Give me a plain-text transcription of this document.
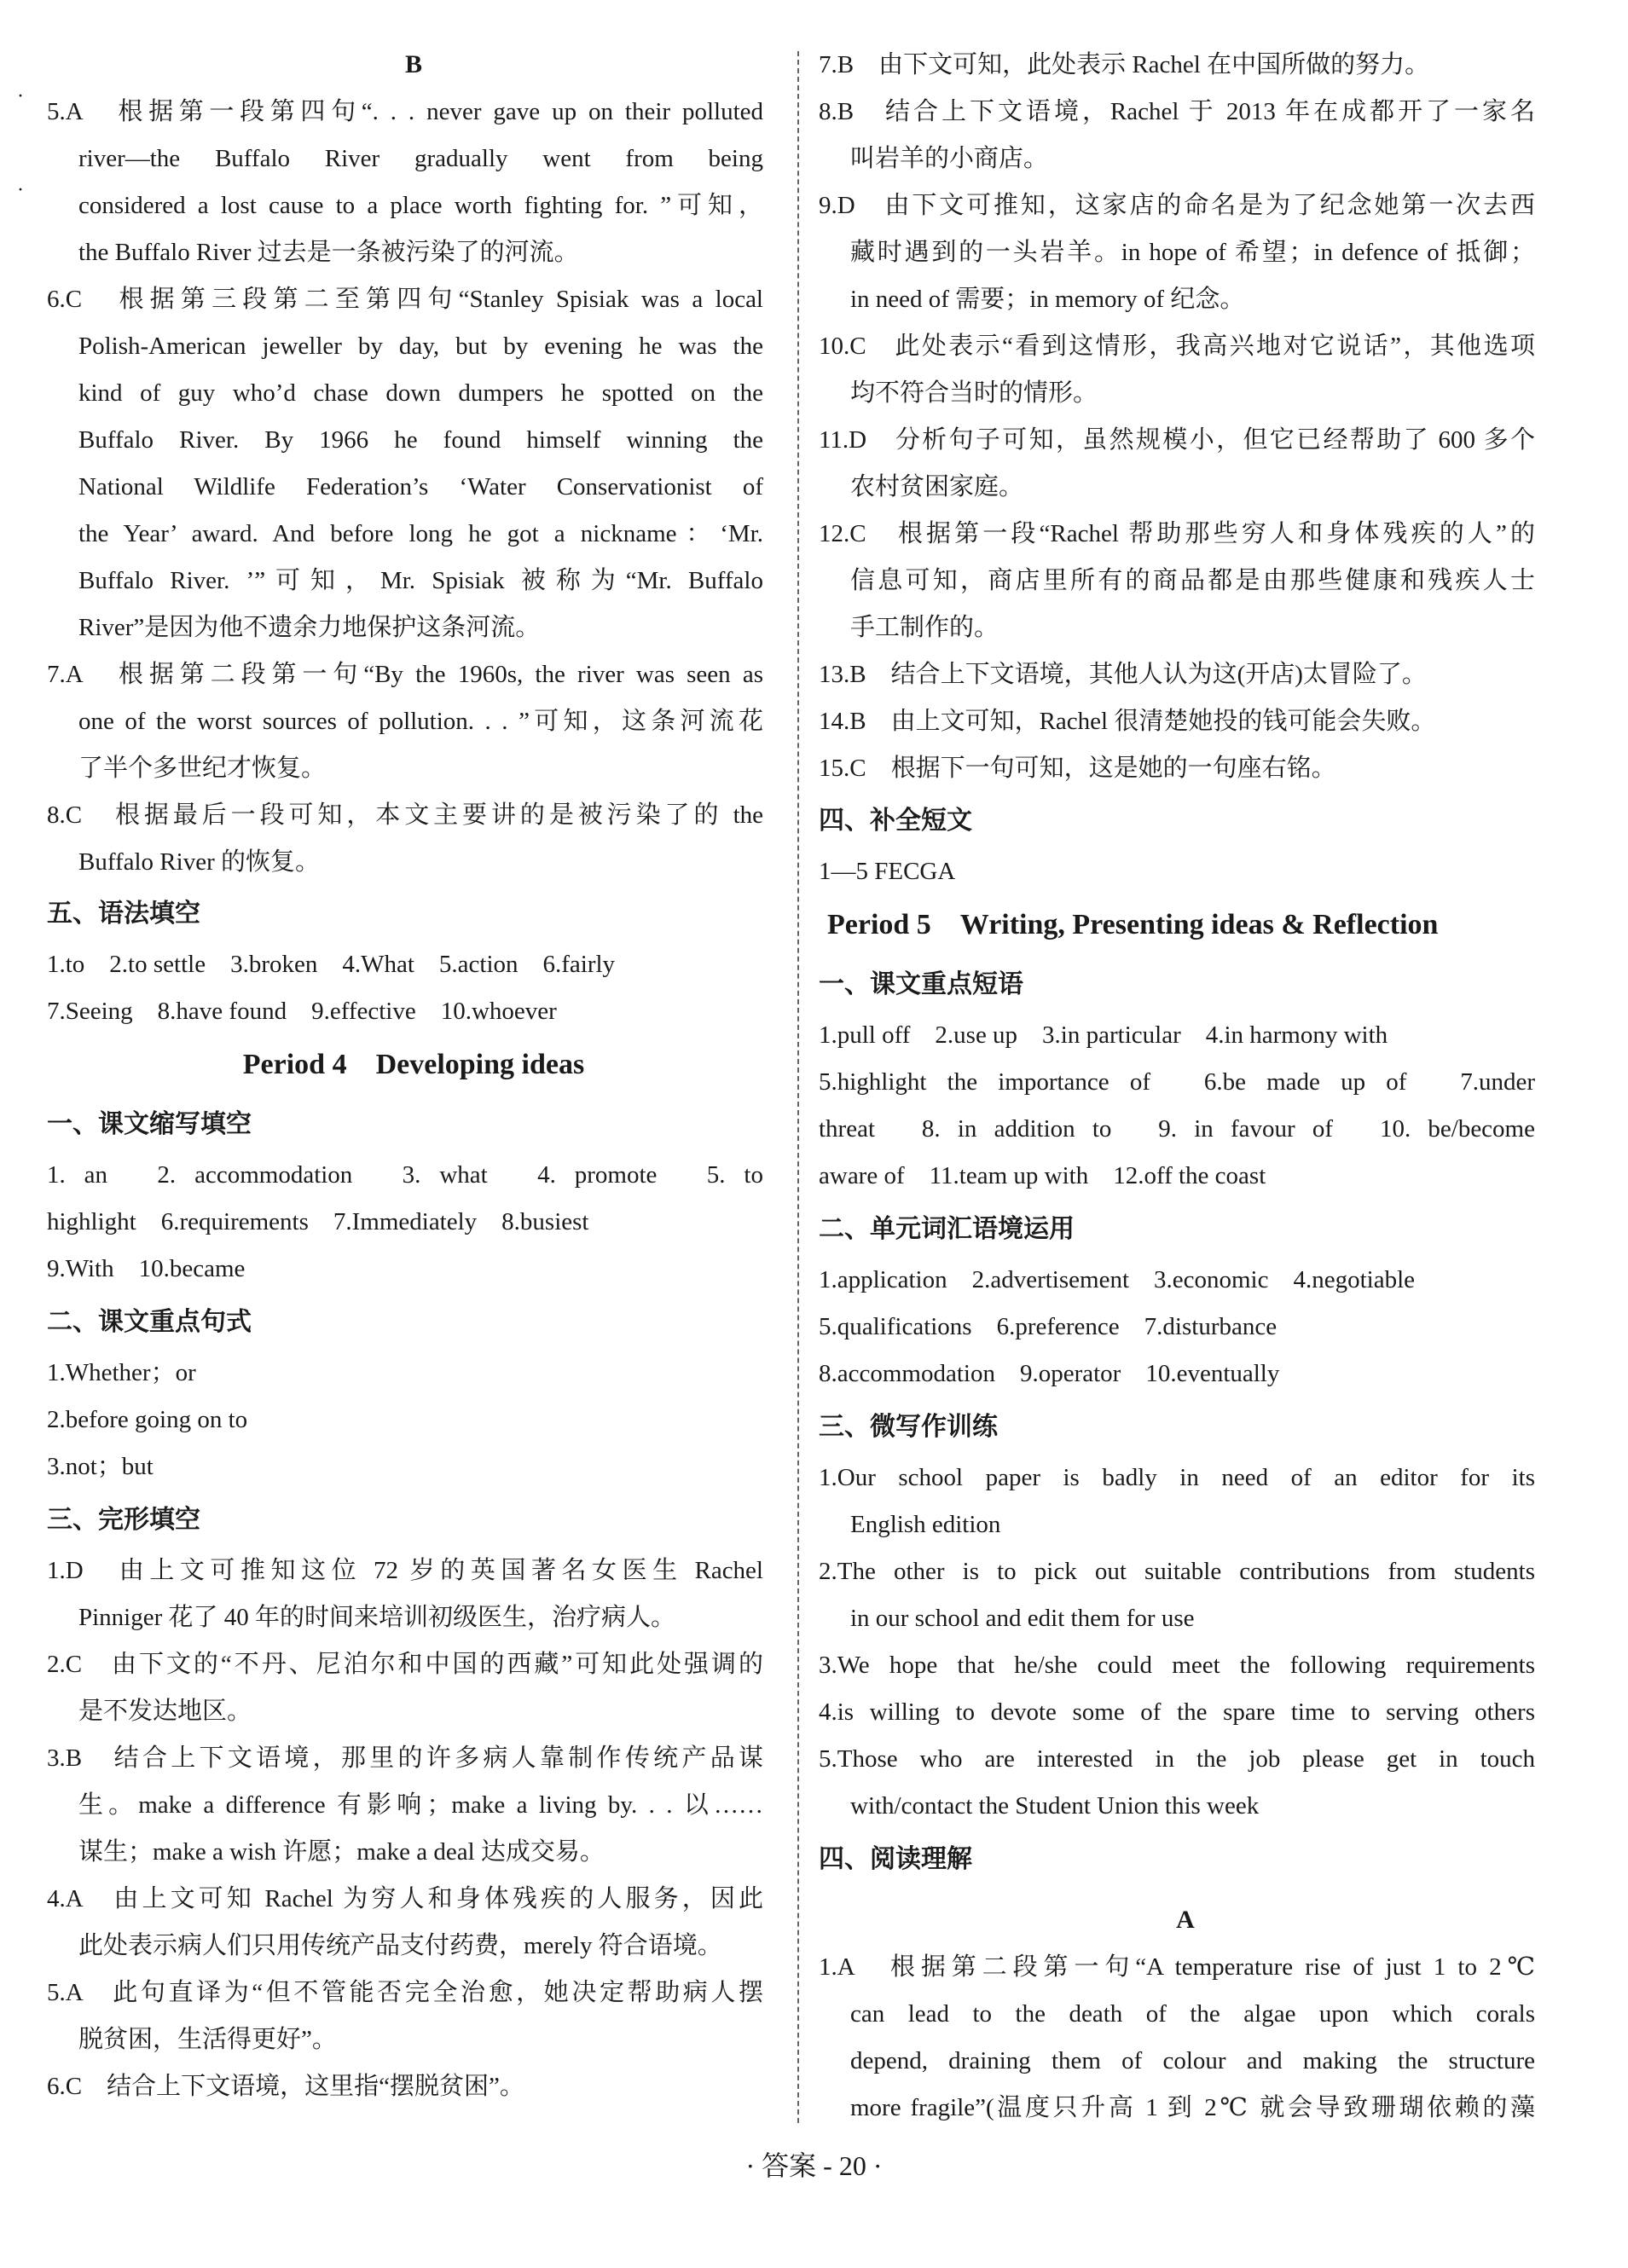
B
5.A　根据第一段第四句“. . . never gave up on their polluted
river—the Buffalo River gradually went from being
considered a lost cause to a place worth fighting for. ”可知，
the Buffalo River 过去是一条被污染了的河流。
6.C　根据第三段第二至第四句“Stanley Spisiak was a local
Polish-American jeweller by day, but by evening he was the
kind of guy who’d chase down dumpers he spotted on the
Buffalo River. By 1966 he found himself winning the
National Wildlife Federation’s ‘Water Conservationist of
the Year’ award. And before long he got a nickname：‘Mr.
Buffalo River. ’”可知，Mr. Spisiak 被称为“Mr. Buffalo
River”是因为他不遗余力地保护这条河流。
7.A　根据第二段第一句“By the 1960s, the river was seen as
one of the worst sources of pollution. . . ”可知，这条河流花
了半个多世纪才恢复。
8.C　根据最后一段可知，本文主要讲的是被污染了的 the
Buffalo River 的恢复。
五、语法填空
1.to　2.to settle　3.broken　4.What　5.action　6.fairly
7.Seeing　8.have found　9.effective　10.whoever
Period 4　Developing ideas
一、课文缩写填空
1. an　2. accommodation　3. what　4. promote　5. to
highlight　6.requirements　7.Immediately　8.busiest
9.With　10.became
二、课文重点句式
1.Whether；or
2.before going on to
3.not；but
三、完形填空
1.D　由上文可推知这位 72 岁的英国著名女医生 Rachel
Pinniger 花了 40 年的时间来培训初级医生，治疗病人。
2.C　由下文的“不丹、尼泊尔和中国的西藏”可知此处强调的
是不发达地区。
3.B　结合上下文语境，那里的许多病人靠制作传统产品谋
生。make a difference 有影响；make a living by. . . 以……
谋生；make a wish 许愿；make a deal 达成交易。
4.A　由上文可知 Rachel 为穷人和身体残疾的人服务，因此
此处表示病人们只用传统产品支付药费，merely 符合语境。
5.A　此句直译为“但不管能否完全治愈，她决定帮助病人摆
脱贫困，生活得更好”。
6.C　结合上下文语境，这里指“摆脱贫困”。
7.B　由下文可知，此处表示 Rachel 在中国所做的努力。
8.B　结合上下文语境，Rachel 于 2013 年在成都开了一家名
叫岩羊的小商店。
9.D　由下文可推知，这家店的命名是为了纪念她第一次去西
藏时遇到的一头岩羊。in hope of 希望；in defence of 抵御；
in need of 需要；in memory of 纪念。
10.C　此处表示“看到这情形，我高兴地对它说话”，其他选项
均不符合当时的情形。
11.D　分析句子可知，虽然规模小，但它已经帮助了 600 多个
农村贫困家庭。
12.C　根据第一段“Rachel 帮助那些穷人和身体残疾的人”的
信息可知，商店里所有的商品都是由那些健康和残疾人士
手工制作的。
13.B　结合上下文语境，其他人认为这(开店)太冒险了。
14.B　由上文可知，Rachel 很清楚她投的钱可能会失败。
15.C　根据下一句可知，这是她的一句座右铭。
四、补全短文
1—5 FECGA
Period 5　Writing, Presenting ideas & Reflection
一、课文重点短语
1.pull off　2.use up　3.in particular　4.in harmony with
5.highlight the importance of　6.be made up of　7.under
threat　8. in addition to　9. in favour of　10. be/become
aware of　11.team up with　12.off the coast
二、单元词汇语境运用
1.application　2.advertisement　3.economic　4.negotiable
5.qualifications　6.preference　7.disturbance
8.accommodation　9.operator　10.eventually
三、微写作训练
1.Our school paper is badly in need of an editor for its
English edition
2.The other is to pick out suitable contributions from students
in our school and edit them for use
3.We hope that he/she could meet the following requirements
4.is willing to devote some of the spare time to serving others
5.Those who are interested in the job please get in touch
with/contact the Student Union this week
四、阅读理解
A
1.A　根据第二段第一句“A temperature rise of just 1 to 2℃
can lead to the death of the algae upon which corals
depend, draining them of colour and making the structure
more fragile”(温度只升高 1 到 2℃ 就会导致珊瑚依赖的藻
·
·
· 答案 - 20 ·
